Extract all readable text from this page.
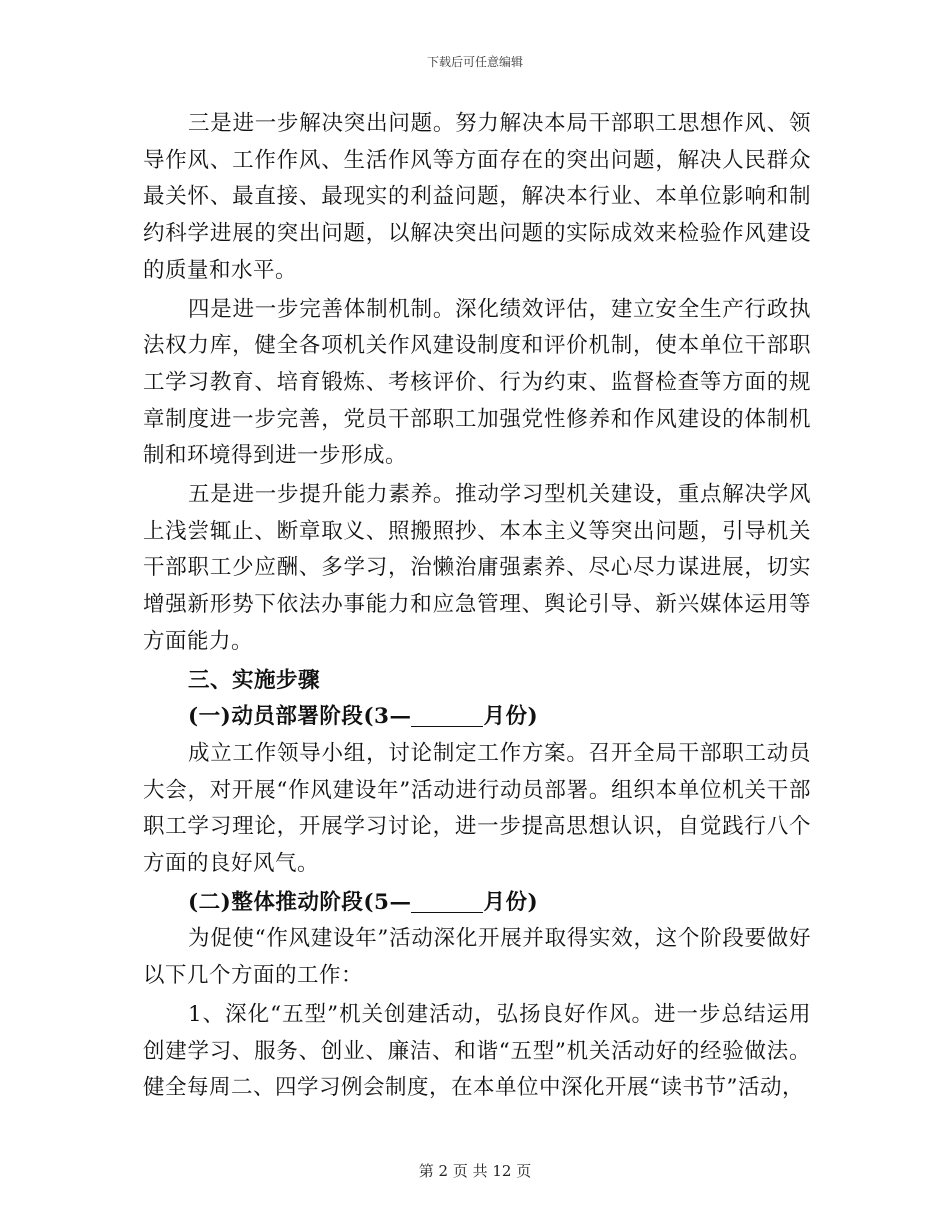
下载后可任意编辑

三是进一步解决突出问题。努力解决本局干部职工思想作风、领导作风、工作作风、生活作风等方面存在的突出问题，解决人民群众最关怀、最直接、最现实的利益问题，解决本行业、本单位影响和制约科学进展的突出问题，以解决突出问题的实际成效来检验作风建设的质量和水平。

四是进一步完善体制机制。深化绩效评估，建立安全生产行政执法权力库，健全各项机关作风建设制度和评价机制，使本单位干部职工学习教育、培育锻炼、考核评价、行为约束、监督检查等方面的规章制度进一步完善，党员干部职工加强党性修养和作风建设的体制机制和环境得到进一步形成。

五是进一步提升能力素养。推动学习型机关建设，重点解决学风上浅尝辄止、断章取义、照搬照抄、本本主义等突出问题，引导机关干部职工少应酬、多学习，治懒治庸强素养、尽心尽力谋进展，切实增强新形势下依法办事能力和应急管理、舆论引导、新兴媒体运用等方面能力。

三、实施步骤

(一)动员部署阶段(3—	月份)

成立工作领导小组，讨论制定工作方案。召开全局干部职工动员大会，对开展“作风建设年”活动进行动员部署。组织本单位机关干部职工学习理论，开展学习讨论，进一步提高思想认识，自觉践行八个方面的良好风气。

(二)整体推动阶段(5—	月份)

为促使“作风建设年”活动深化开展并取得实效，这个阶段要做好以下几个方面的工作：

1、深化“五型”机关创建活动，弘扬良好作风。进一步总结运用创建学习、服务、创业、廉洁、和谐“五型”机关活动好的经验做法。健全每周二、四学习例会制度，在本单位中深化开展“读书节”活动，

第 2 页 共 12 页
